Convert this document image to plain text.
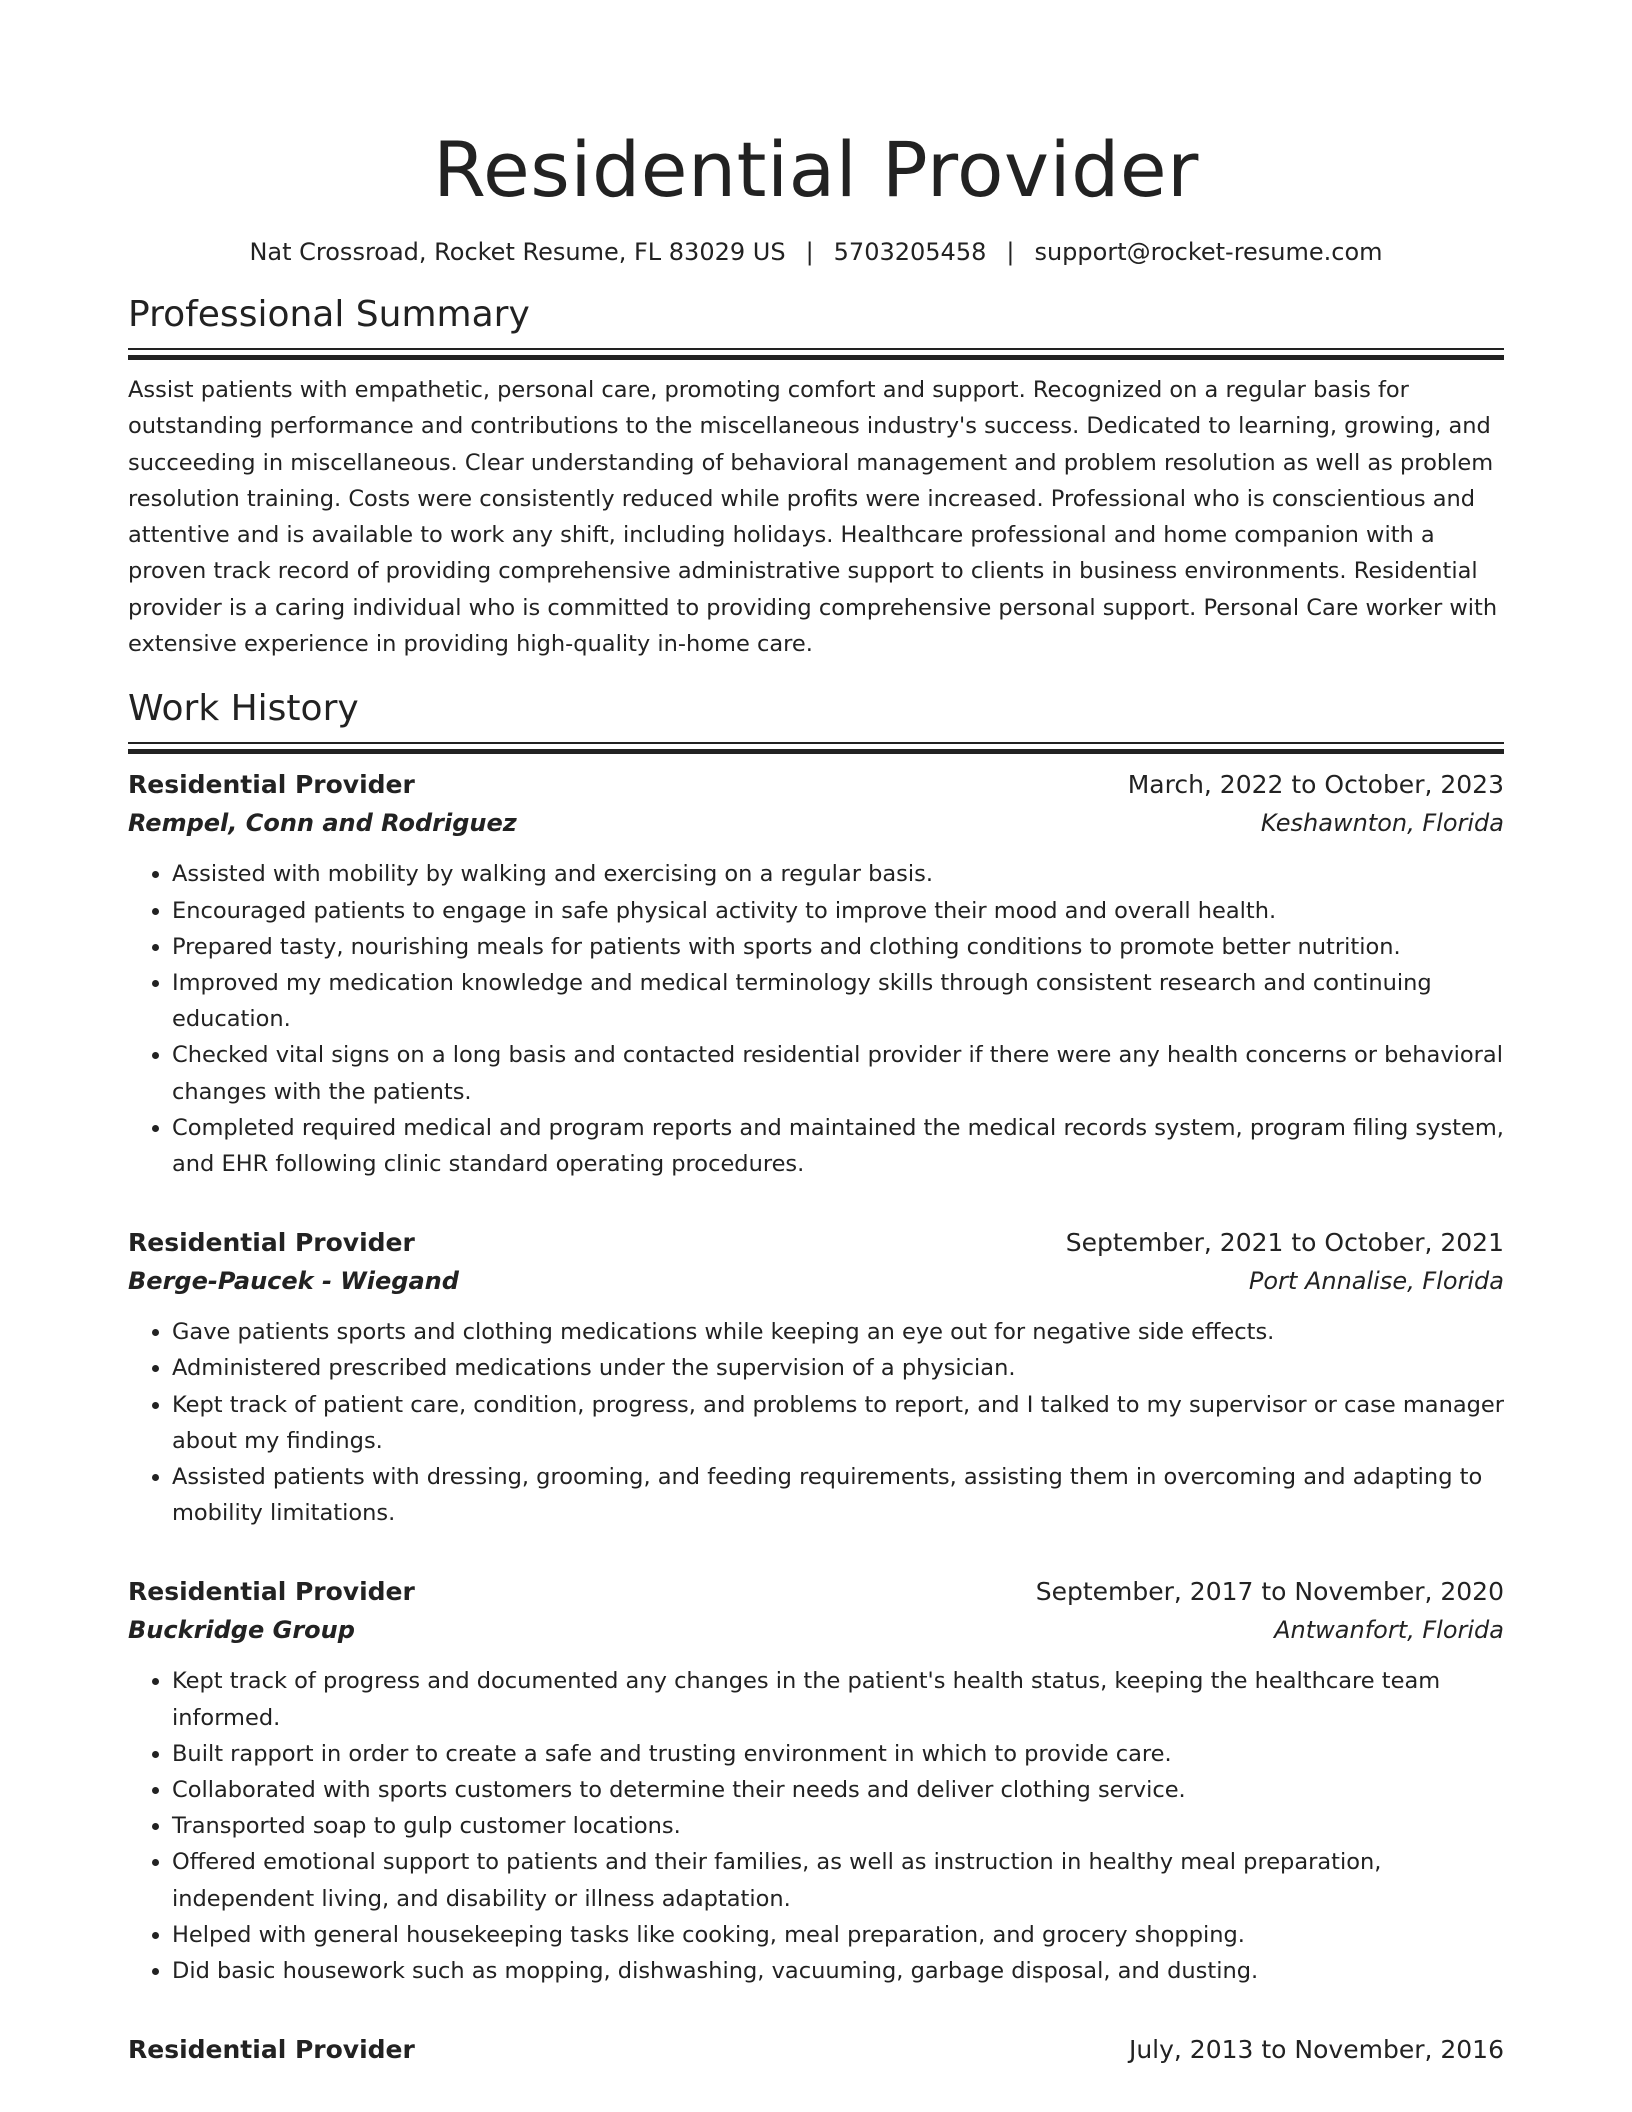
Residential Provider
Nat Crossroad, Rocket Resume, FL 83029 US | 5703205458 | support@rocket-resume.com
Professional Summary

Assist patients with empathetic, personal care, promoting comfort and support. Recognized on a regular basis for outstanding performance and contributions to the miscellaneous industry's success. Dedicated to learning, growing, and succeeding in miscellaneous. Clear understanding of behavioral management and problem resolution as well as problem resolution training. Costs were consistently reduced while profits were increased. Professional who is conscientious and attentive and is available to work any shift, including holidays. Healthcare professional and home companion with a proven track record of providing comprehensive administrative support to clients in business environments. Residential provider is a caring individual who is committed to providing comprehensive personal support. Personal Care worker with extensive experience in providing high-quality in-home care.

Work History
Residential Provider	March, 2022 to October, 2023
Rempel, Conn and Rodriguez	Keshawnton, Florida
• Assisted with mobility by walking and exercising on a regular basis.
• Encouraged patients to engage in safe physical activity to improve their mood and overall health.
• Prepared tasty, nourishing meals for patients with sports and clothing conditions to promote better nutrition.
• Improved my medication knowledge and medical terminology skills through consistent research and continuing education.
• Checked vital signs on a long basis and contacted residential provider if there were any health concerns or behavioral changes with the patients.
• Completed required medical and program reports and maintained the medical records system, program filing system, and EHR following clinic standard operating procedures.
Residential Provider	September, 2021 to October, 2021
Berge-Paucek - Wiegand	Port Annalise, Florida
• Gave patients sports and clothing medications while keeping an eye out for negative side effects.
• Administered prescribed medications under the supervision of a physician.
• Kept track of patient care, condition, progress, and problems to report, and I talked to my supervisor or case manager about my findings.
• Assisted patients with dressing, grooming, and feeding requirements, assisting them in overcoming and adapting to mobility limitations.
Residential Provider	September, 2017 to November, 2020
Buckridge Group	Antwanfort, Florida
• Kept track of progress and documented any changes in the patient's health status, keeping the healthcare team informed.
• Built rapport in order to create a safe and trusting environment in which to provide care.
• Collaborated with sports customers to determine their needs and deliver clothing service.
• Transported soap to gulp customer locations.
• Offered emotional support to patients and their families, as well as instruction in healthy meal preparation, independent living, and disability or illness adaptation.
• Helped with general housekeeping tasks like cooking, meal preparation, and grocery shopping.
• Did basic housework such as mopping, dishwashing, vacuuming, garbage disposal, and dusting.
Residential Provider	July, 2013 to November, 2016
